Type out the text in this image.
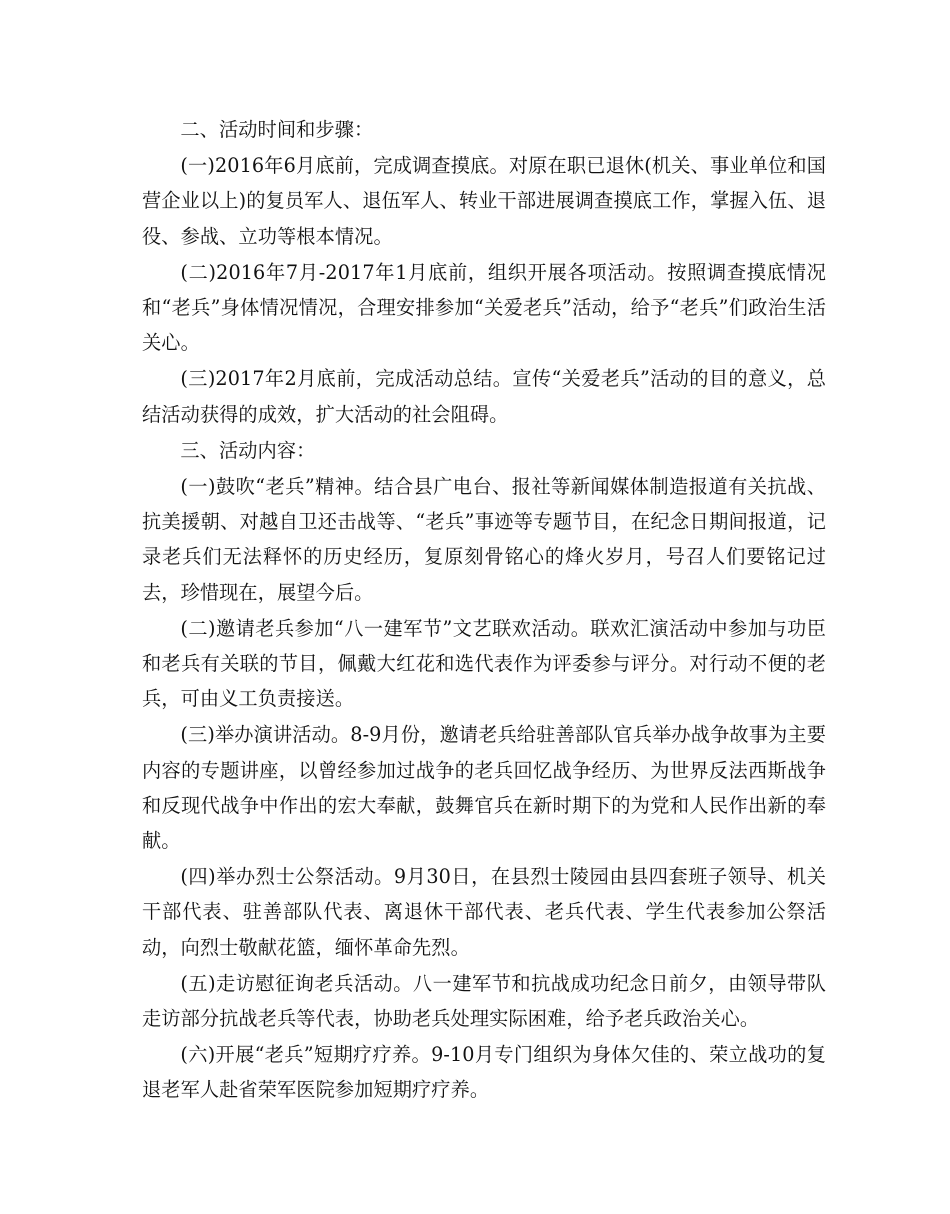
二、活动时间和步骤：

(一)2016年6月底前，完成调查摸底。对原在职已退休(机关、事业单位和国营企业以上)的复员军人、退伍军人、转业干部进展调查摸底工作，掌握入伍、退役、参战、立功等根本情况。

(二)2016年7月-2017年1月底前，组织开展各项活动。按照调查摸底情况和“老兵”身体情况情况，合理安排参加“关爱老兵”活动，给予“老兵”们政治生活关心。

(三)2017年2月底前，完成活动总结。宣传“关爱老兵”活动的目的意义，总结活动获得的成效，扩大活动的社会阻碍。

三、活动内容：

(一)鼓吹“老兵”精神。结合县广电台、报社等新闻媒体制造报道有关抗战、抗美援朝、对越自卫还击战等、“老兵”事迹等专题节目，在纪念日期间报道，记录老兵们无法释怀的历史经历，复原刻骨铭心的烽火岁月，号召人们要铭记过去，珍惜现在，展望今后。

(二)邀请老兵参加“八一建军节”文艺联欢活动。联欢汇演活动中参加与功臣和老兵有关联的节目，佩戴大红花和选代表作为评委参与评分。对行动不便的老兵，可由义工负责接送。

(三)举办演讲活动。8-9月份，邀请老兵给驻善部队官兵举办战争故事为主要内容的专题讲座，以曾经参加过战争的老兵回忆战争经历、为世界反法西斯战争和反现代战争中作出的宏大奉献，鼓舞官兵在新时期下的为党和人民作出新的奉献。

(四)举办烈士公祭活动。9月30日，在县烈士陵园由县四套班子领导、机关干部代表、驻善部队代表、离退休干部代表、老兵代表、学生代表参加公祭活动，向烈士敬献花篮，缅怀革命先烈。

(五)走访慰征询老兵活动。八一建军节和抗战成功纪念日前夕，由领导带队走访部分抗战老兵等代表，协助老兵处理实际困难，给予老兵政治关心。

(六)开展“老兵”短期疗疗养。9-10月专门组织为身体欠佳的、荣立战功的复退老军人赴省荣军医院参加短期疗疗养。
